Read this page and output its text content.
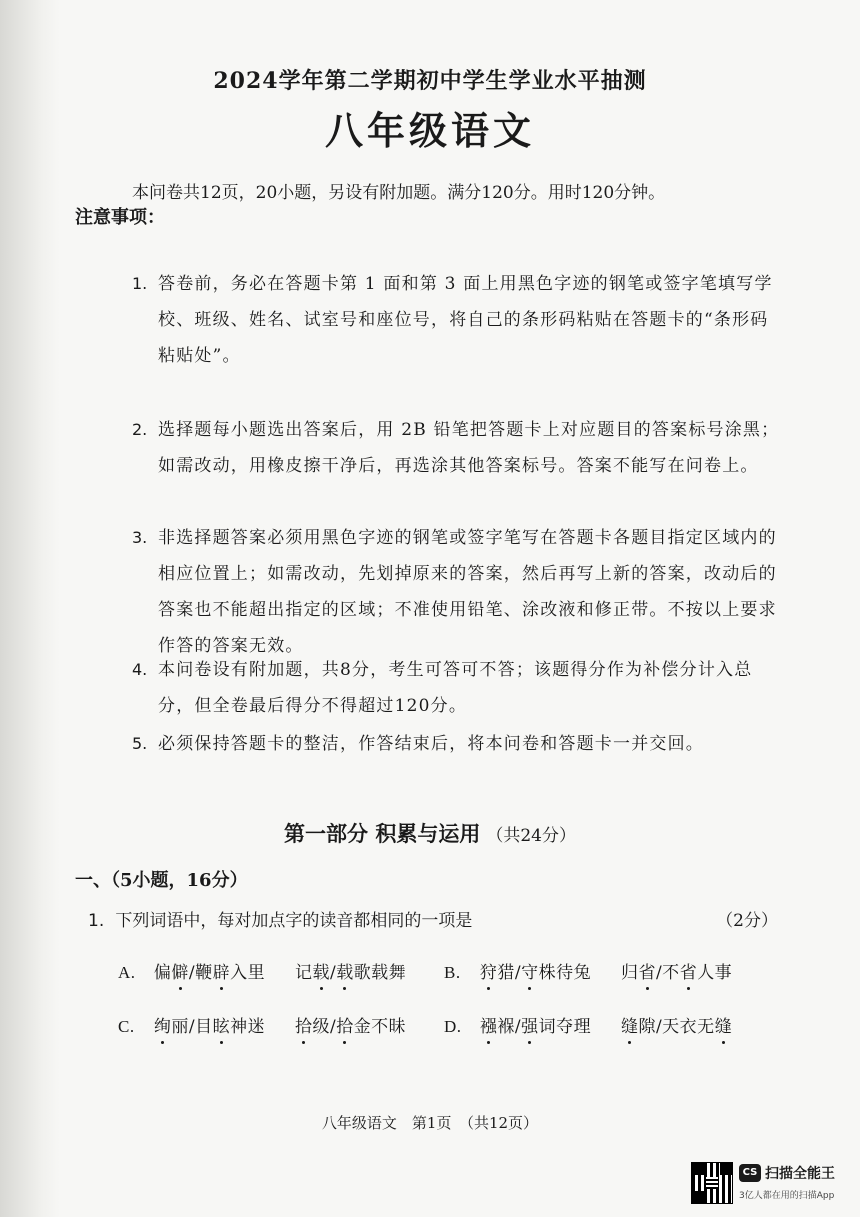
2024学年第二学期初中学生学业水平抽测
八年级语文
本问卷共12页，20小题，另设有附加题。满分120分。用时120分钟。
注意事项：
1. 答卷前，务必在答题卡第 1 面和第 3 面上用黑色字迹的钢笔或签字笔填写学校、班级、姓名、试室号和座位号，将自己的条形码粘贴在答题卡的“条形码粘贴处”。
2. 选择题每小题选出答案后，用 2B 铅笔把答题卡上对应题目的答案标号涂黑；如需改动，用橡皮擦干净后，再选涂其他答案标号。答案不能写在问卷上。
3. 非选择题答案必须用黑色字迹的钢笔或签字笔写在答题卡各题目指定区域内的相应位置上；如需改动，先划掉原来的答案，然后再写上新的答案，改动后的答案也不能超出指定的区域；不准使用铅笔、涂改液和修正带。不按以上要求作答的答案无效。
4. 本问卷设有附加题，共8分，考生可答可不答；该题得分作为补偿分计入总分，但全卷最后得分不得超过120分。
5. 必须保持答题卡的整洁，作答结束后，将本问卷和答题卡一并交回。
第一部分 积累与运用 （共24分）
一、（5小题，16分）
1. 下列词语中，每对加点字的读音都相同的一项是	（2分）
A. 偏僻/鞭辟入里 记载/载歌载舞 B. 狩猎/守株待兔 归省/不省人事
C. 绚丽/目眩神迷 拾级/拾金不昧 D. 襁褓/强词夺理 缝隙/天衣无缝
八年级语文　第1页　（共12页）
CS 扫描全能王
3亿人都在用的扫描App
